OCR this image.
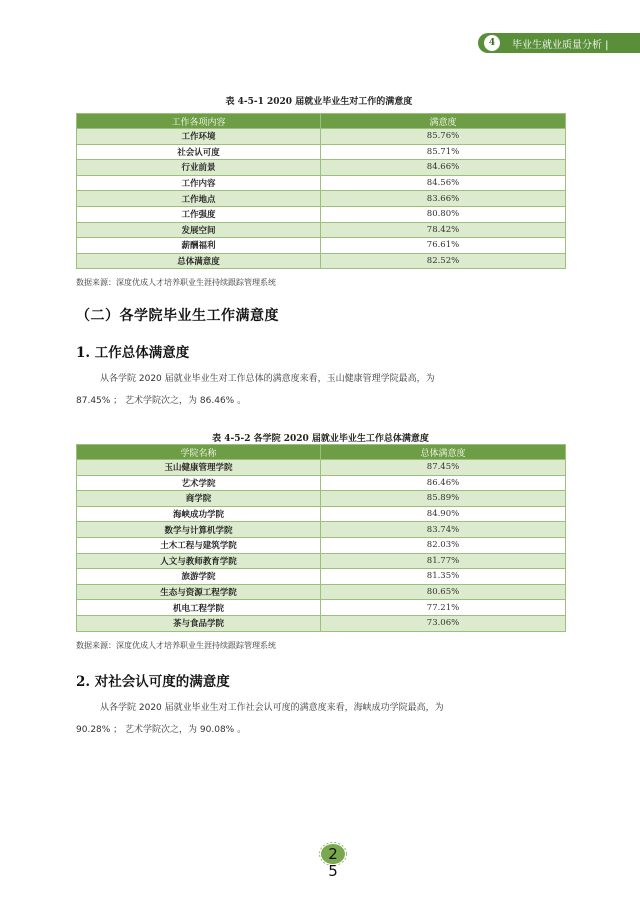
4	毕业生就业质量分析 |
表 4-5-1 2020 届就业毕业生对工作的满意度
工作各项内容	满意度
工作环境	85.76%
社会认可度	85.71%
行业前景	84.66%
工作内容	84.56%
工作地点	83.66%
工作强度	80.80%
发展空间	78.42%
薪酬福利	76.61%
总体满意度	82.52%
数据来源：深度优成人才培养职业生涯持续跟踪管理系统
（二）各学院毕业生工作满意度
1. 工作总体满意度
从各学院 2020 届就业毕业生对工作总体的满意度来看，玉山健康管理学院最高，为
87.45% ； 艺术学院次之，为 86.46% 。
表 4-5-2 各学院 2020 届就业毕业生工作总体满意度
学院名称	总体满意度
玉山健康管理学院	87.45%
艺术学院	86.46%
商学院	85.89%
海峡成功学院	84.90%
数学与计算机学院	83.74%
土木工程与建筑学院	82.03%
人文与教师教育学院	81.77%
旅游学院	81.35%
生态与资源工程学院	80.65%
机电工程学院	77.21%
茶与食品学院	73.06%
数据来源：深度优成人才培养职业生涯持续跟踪管理系统
2. 对社会认可度的满意度
从各学院 2020 届就业毕业生对工作社会认可度的满意度来看，海峡成功学院最高，为
90.28% ； 艺术学院次之，为 90.08% 。
2
5
